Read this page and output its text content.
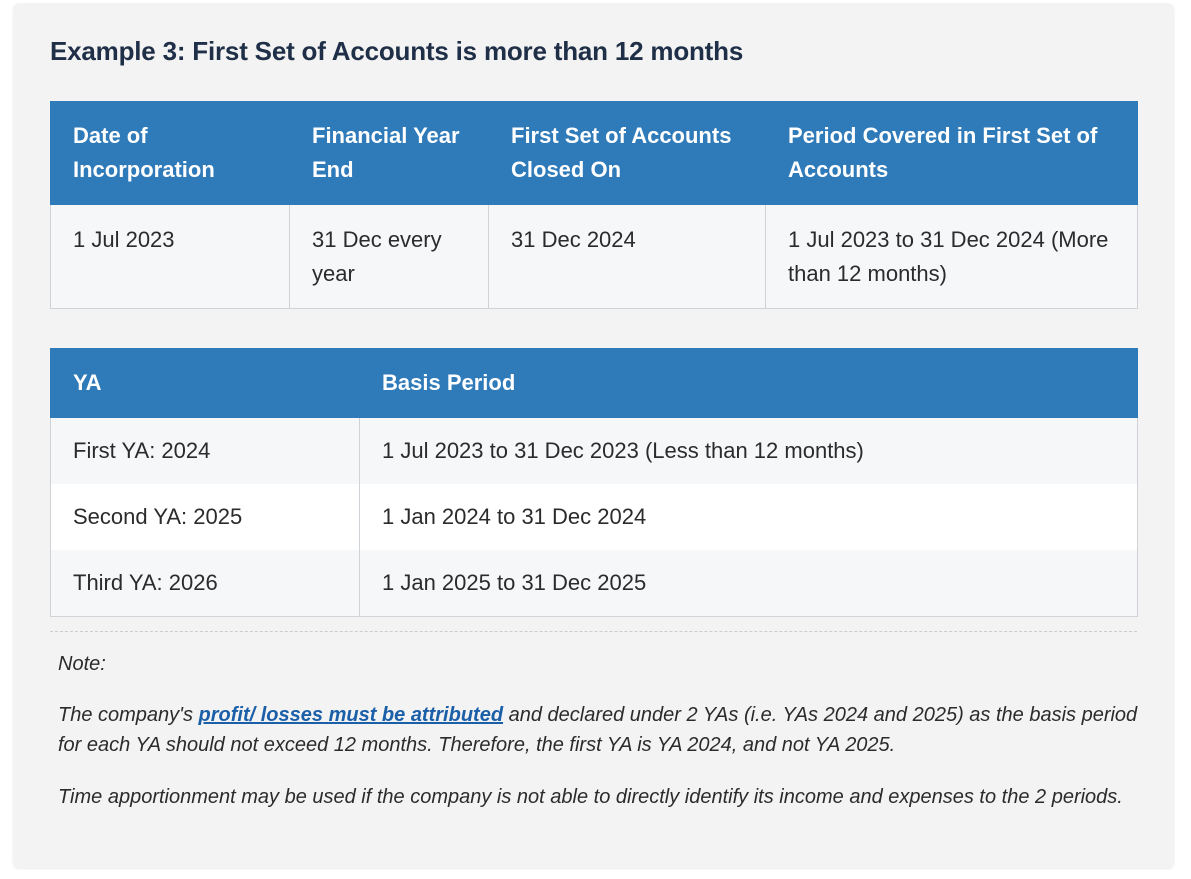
Example 3: First Set of Accounts is more than 12 months
Date of Incorporation	Financial Year End	First Set of Accounts Closed On	Period Covered in First Set of Accounts
1 Jul 2023	31 Dec every year	31 Dec 2024	1 Jul 2023 to 31 Dec 2024 (More than 12 months)
YA	Basis Period
First YA: 2024	1 Jul 2023 to 31 Dec 2023 (Less than 12 months)
Second YA: 2025	1 Jan 2024 to 31 Dec 2024
Third YA: 2026	1 Jan 2025 to 31 Dec 2025

Note:

The company's profit/ losses must be attributed and declared under 2 YAs (i.e. YAs 2024 and 2025) as the basis period for each YA should not exceed 12 months. Therefore, the first YA is YA 2024, and not YA 2025.

Time apportionment may be used if the company is not able to directly identify its income and expenses to the 2 periods.
